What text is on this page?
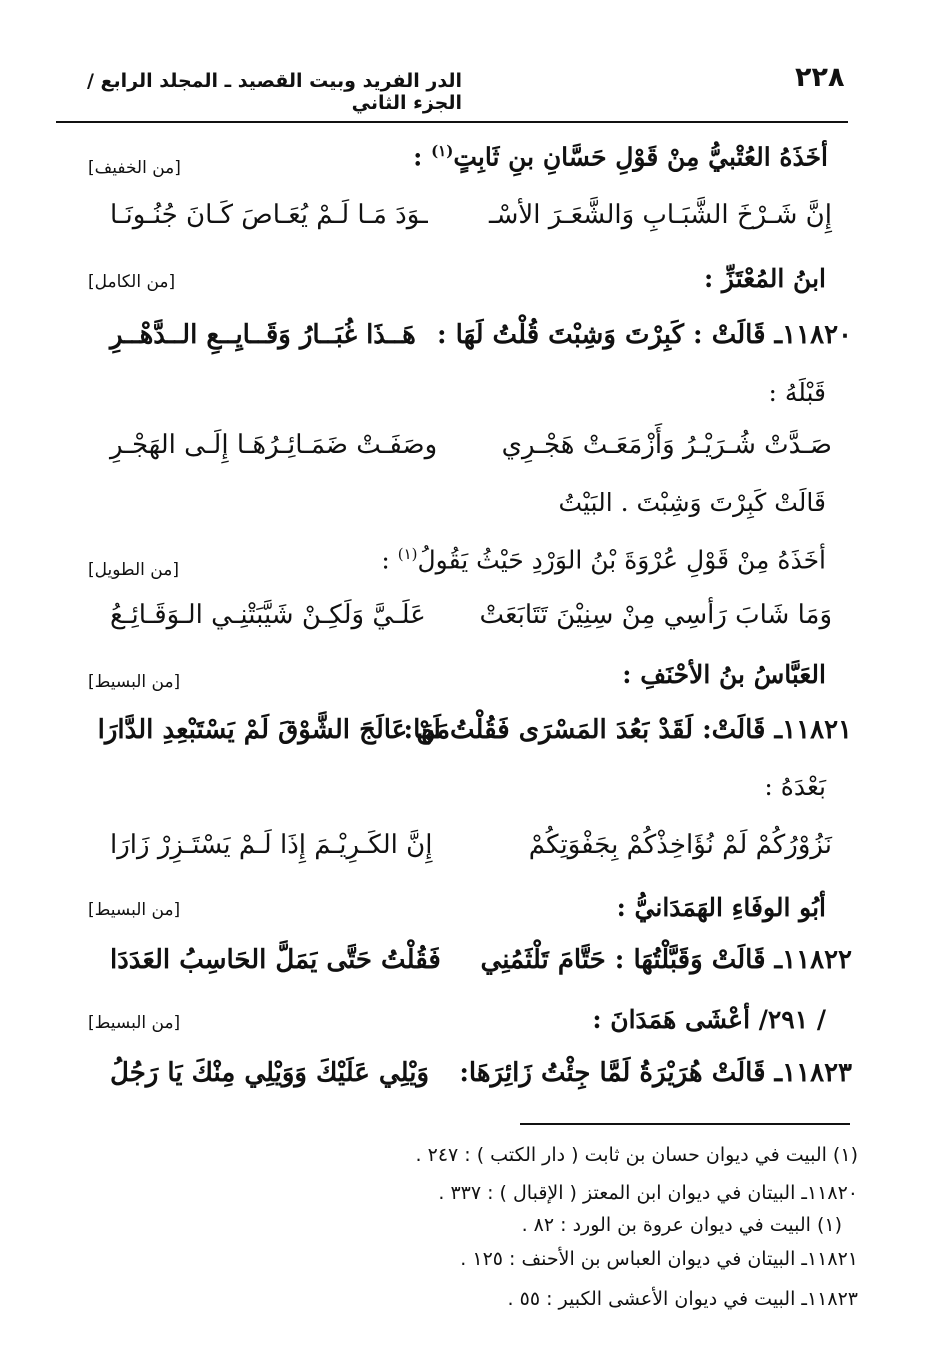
الدر الفريد وبيت القصيد ـ المجلد الرابع / الجزء الثاني
٢٢٨
أخَذَهُ العُتْبيُّ مِنْ قَوْلِ حَسَّانِ بنِ ثَابِتٍ$^{(١)}$ :
[من الخفيف]
إِنَّ شَـرْخَ الشَّبَـابِ وَالشَّعَـرَ الأسْـ
ـوَدَ مَـا لَـمْ يُعَـاصَ كَـانَ جُنُـونَـا
ابنُ المُعْتَزِّ :
[من الكامل]
١١٨٢٠ـ قَالَتْ : كَبِرْتَ وَشِبْتَ قُلْتُ لَهَا :
هَــذَا غُبَــارُ وَقَــايِــعِ الــدَّهْــرِ
قَبْلَهُ :
صَـدَّتْ شُـرَيْـرُ وَأَزْمَعَـتْ هَجْـرِي
وصَفَـتْ ضَمَـائِـرُهَـا إِلَـى الهَجْـرِ
قَالَتْ كَبِرْتَ وَشِبْتَ . البَيْتُ
أخَذَهُ مِنْ قَوْلِ عُرْوَةَ بْنُ الوَرْدِ حَيْثُ يَقُولُ$^{(١)}$ :
[من الطويل]
وَمَا شَابَ رَأسِي مِنْ سِنِيْنَ تَتَابَعَتْ
عَلَـيَّ وَلَكِـنْ شَيَّبَتْنِـي الـوَقَـائِـعُ
العَبَّاسُ بنُ الأحْنَفِ :
[من البسيط]
١١٨٢١ـ قَالَتْ: لَقَدْ بَعُدَ المَسْرَى فَقُلْتُ لَهَا:
مَنْ عَالَجَ الشَّوْقَ لَمْ يَسْتَبْعِدِ الدَّارَا
بَعْدَهُ :
نَزُوْرُكُمْ لَمْ نُؤَاخِذْكُمْ بِجَفْوَتِكُمْ
إِنَّ الكَـرِيْـمَ إِذَا لَـمْ يَسْتَـزِرْ زَارَا
أبُو الوفَاءِ الهَمَدَانيُّ :
[من البسيط]
١١٨٢٢ـ قَالَتْ وَقَبَّلْتُهَا : حَتَّامَ تَلْثَمُنِي
فَقُلْتُ حَتَّى يَمَلَّ الحَاسِبُ العَدَدَا
/ ٢٩١/ أعْشَى هَمَدَانَ :
[من البسيط]
١١٨٢٣ـ قَالَتْ هُرَيْرَةُ لَمَّا جِئْتُ زَائِرَهَا:
وَيْلِي عَلَيْكَ وَوَيْلِي مِنْكَ يَا رَجُلُ
(١) البيت في ديوان حسان بن ثابت ( دار الكتب ) : ٢٤٧ .
١١٨٢٠ـ البيتان في ديوان ابن المعتز ( الإقبال ) : ٣٣٧ .
(١) البيت في ديوان عروة بن الورد : ٨٢ .
١١٨٢١ـ البيتان في ديوان العباس بن الأحنف : ١٢٥ .
١١٨٢٣ـ البيت في ديوان الأعشى الكبير : ٥٥ .
